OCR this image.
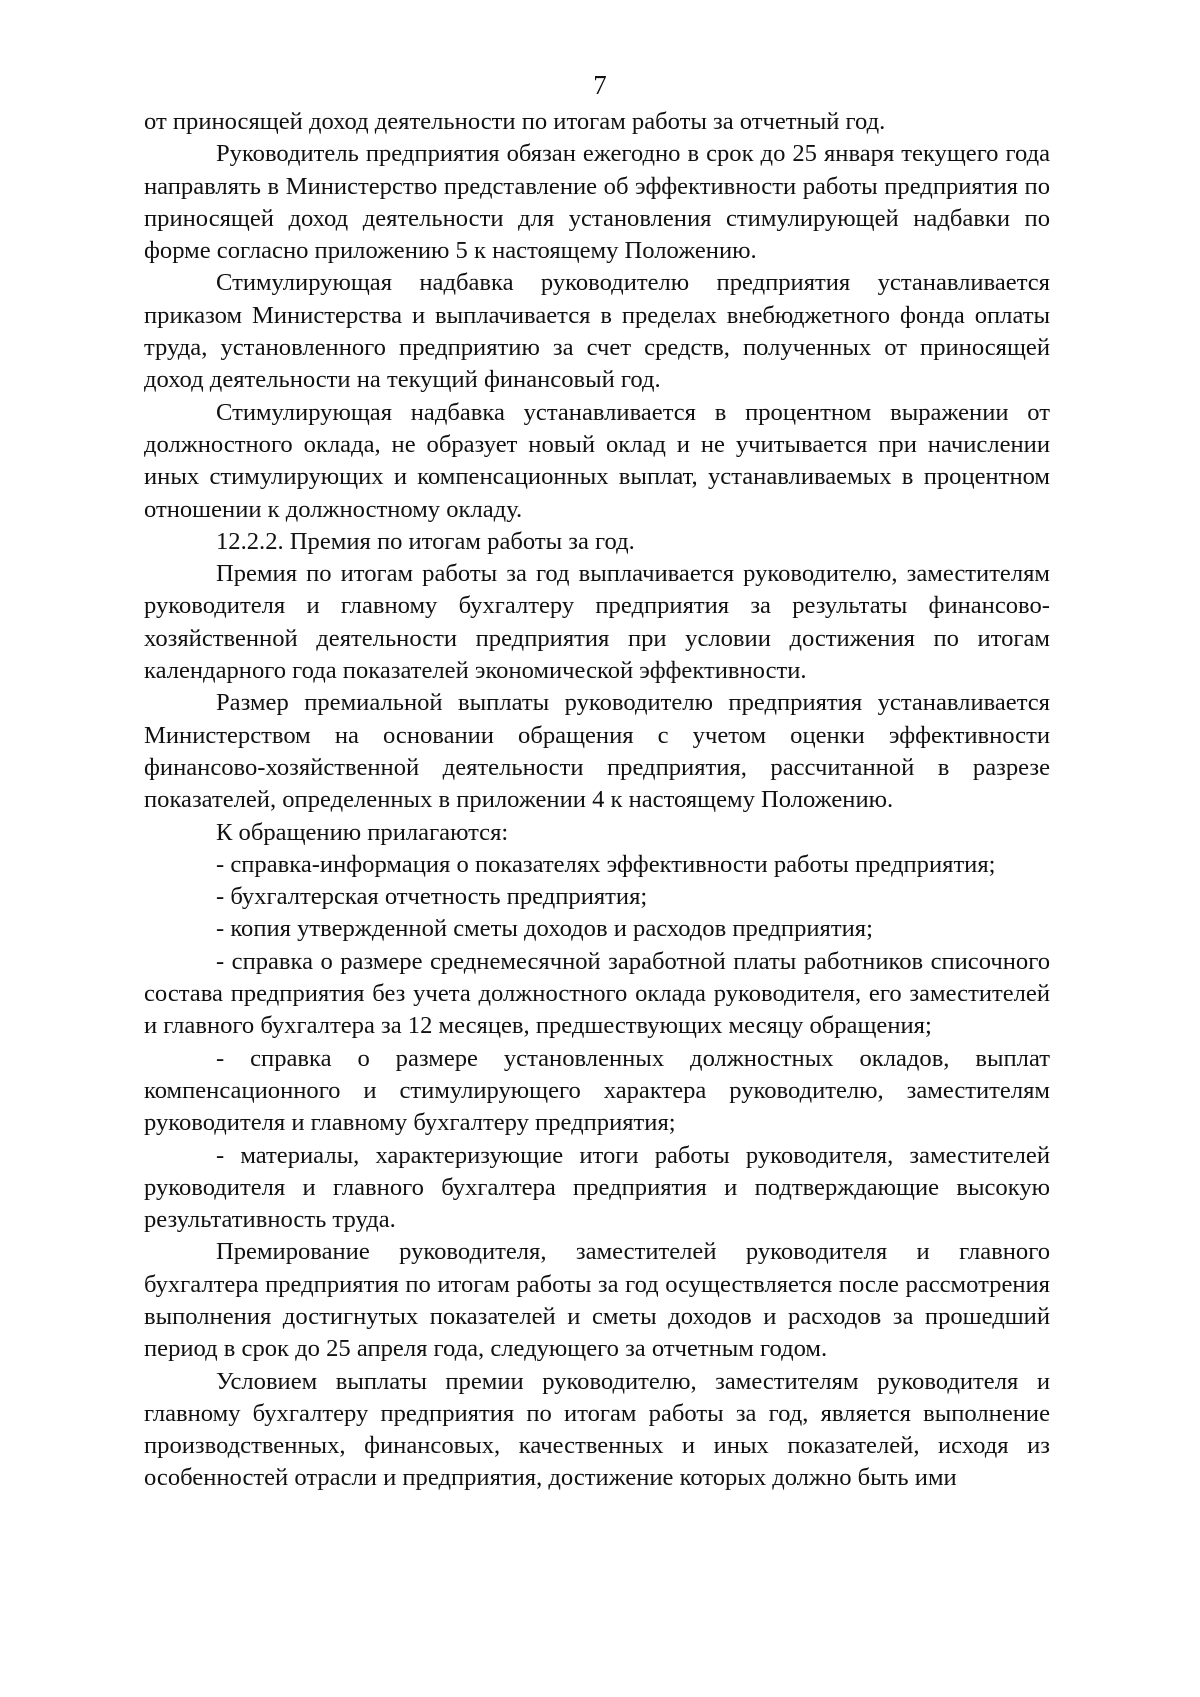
7

от приносящей доход деятельности по итогам работы за отчетный год.

Руководитель предприятия обязан ежегодно в срок до 25 января текущего года направлять в Министерство представление об эффективности работы предприятия по приносящей доход деятельности для установления стимулирующей надбавки по форме согласно приложению 5 к настоящему Положению.

Стимулирующая надбавка руководителю предприятия устанавливается приказом Министерства и выплачивается в пределах внебюджетного фонда оплаты труда, установленного предприятию за счет средств, полученных от приносящей доход деятельности на текущий финансовый год.

Стимулирующая надбавка устанавливается в процентном выражении от должностного оклада, не образует новый оклад и не учитывается при начислении иных стимулирующих и компенсационных выплат, устанавливаемых в процентном отношении к должностному окладу.

12.2.2. Премия по итогам работы за год.

Премия по итогам работы за год выплачивается руководителю, заместителям руководителя и главному бухгалтеру предприятия за результаты финансово-хозяйственной деятельности предприятия при условии достижения по итогам календарного года показателей экономической эффективности.

Размер премиальной выплаты руководителю предприятия устанавливается Министерством на основании обращения с учетом оценки эффективности финансово-хозяйственной деятельности предприятия, рассчитанной в разрезе показателей, определенных в приложении 4 к настоящему Положению.

К обращению прилагаются:

- справка-информация о показателях эффективности работы предприятия;

- бухгалтерская отчетность предприятия;

- копия утвержденной сметы доходов и расходов предприятия;

- справка о размере среднемесячной заработной платы работников списочного состава предприятия без учета должностного оклада руководителя, его заместителей и главного бухгалтера за 12 месяцев, предшествующих месяцу обращения;

- справка о размере установленных должностных окладов, выплат компенсационного и стимулирующего характера руководителю, заместителям руководителя и главному бухгалтеру предприятия;

- материалы, характеризующие итоги работы руководителя, заместителей руководителя и главного бухгалтера предприятия и подтверждающие высокую результативность труда.

Премирование руководителя, заместителей руководителя и главного бухгалтера предприятия по итогам работы за год осуществляется после рассмотрения выполнения достигнутых показателей и сметы доходов и расходов за прошедший период в срок до 25 апреля года, следующего за отчетным годом.

Условием выплаты премии руководителю, заместителям руководителя и главному бухгалтеру предприятия по итогам работы за год, является выполнение производственных, финансовых, качественных и иных показателей, исходя из особенностей отрасли и предприятия, достижение которых должно быть ими
